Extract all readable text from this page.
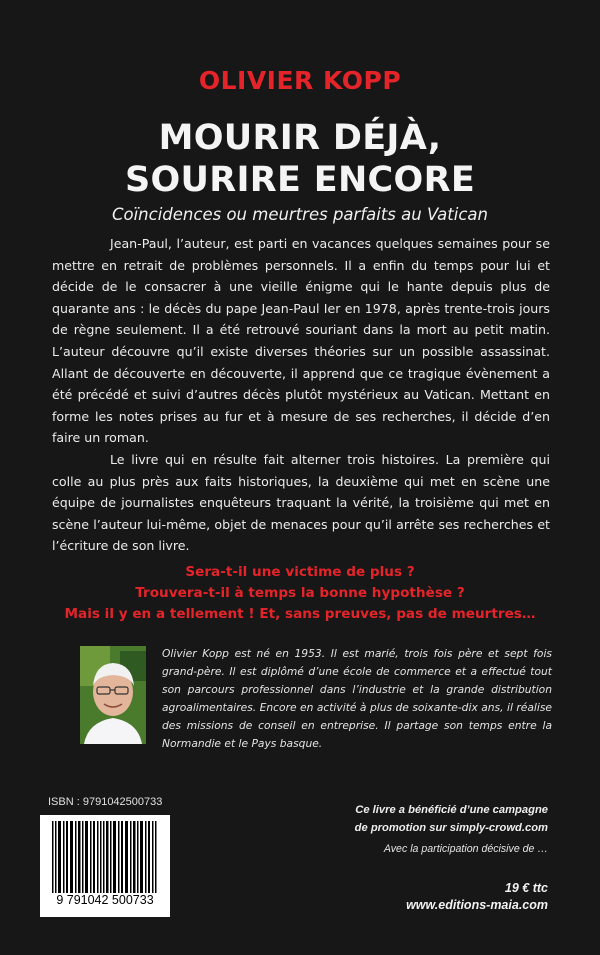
OLIVIER KOPP
MOURIR DÉJÀ,
SOURIRE ENCORE
Coïncidences ou meurtres parfaits au Vatican

Jean-Paul, l’auteur, est parti en vacances quelques semaines pour se mettre en retrait de problèmes personnels. Il a enfin du temps pour lui et décide de le consacrer à une vieille énigme qui le hante depuis plus de quarante ans : le décès du pape Jean-Paul Ier en 1978, après trente-trois jours de règne seulement. Il a été retrouvé souriant dans la mort au petit matin. L’auteur découvre qu’il existe diverses théories sur un possible assassinat. Allant de découverte en découverte, il apprend que ce tragique évènement a été précédé et suivi d’autres décès plutôt mystérieux au Vatican. Mettant en forme les notes prises au fur et à mesure de ses recherches, il décide d’en faire un roman.

Le livre qui en résulte fait alterner trois histoires. La première qui colle au plus près aux faits historiques, la deuxième qui met en scène une équipe de journalistes enquêteurs traquant la vérité, la troisième qui met en scène l’auteur lui-même, objet de menaces pour qu’il arrête ses recherches et l’écriture de son livre.

Sera-t-il une victime de plus ?
Trouvera-t-il à temps la bonne hypothèse ?
Mais il y en a tellement ! Et, sans preuves, pas de meurtres…
Olivier Kopp est né en 1953. Il est marié, trois fois père et sept fois grand-père. Il est diplômé d’une école de commerce et a effectué tout son parcours professionnel dans l’industrie et la grande distribution agroalimentaires. Encore en activité à plus de soixante-dix ans, il réalise des missions de conseil en entreprise. Il partage son temps entre la Normandie et le Pays basque.
ISBN : 9791042500733
9 791042 500733
Ce livre a bénéficié d’une campagne
de promotion sur simply-crowd.com
Avec la participation décisive de …
19 € ttc
www.editions-maia.com
